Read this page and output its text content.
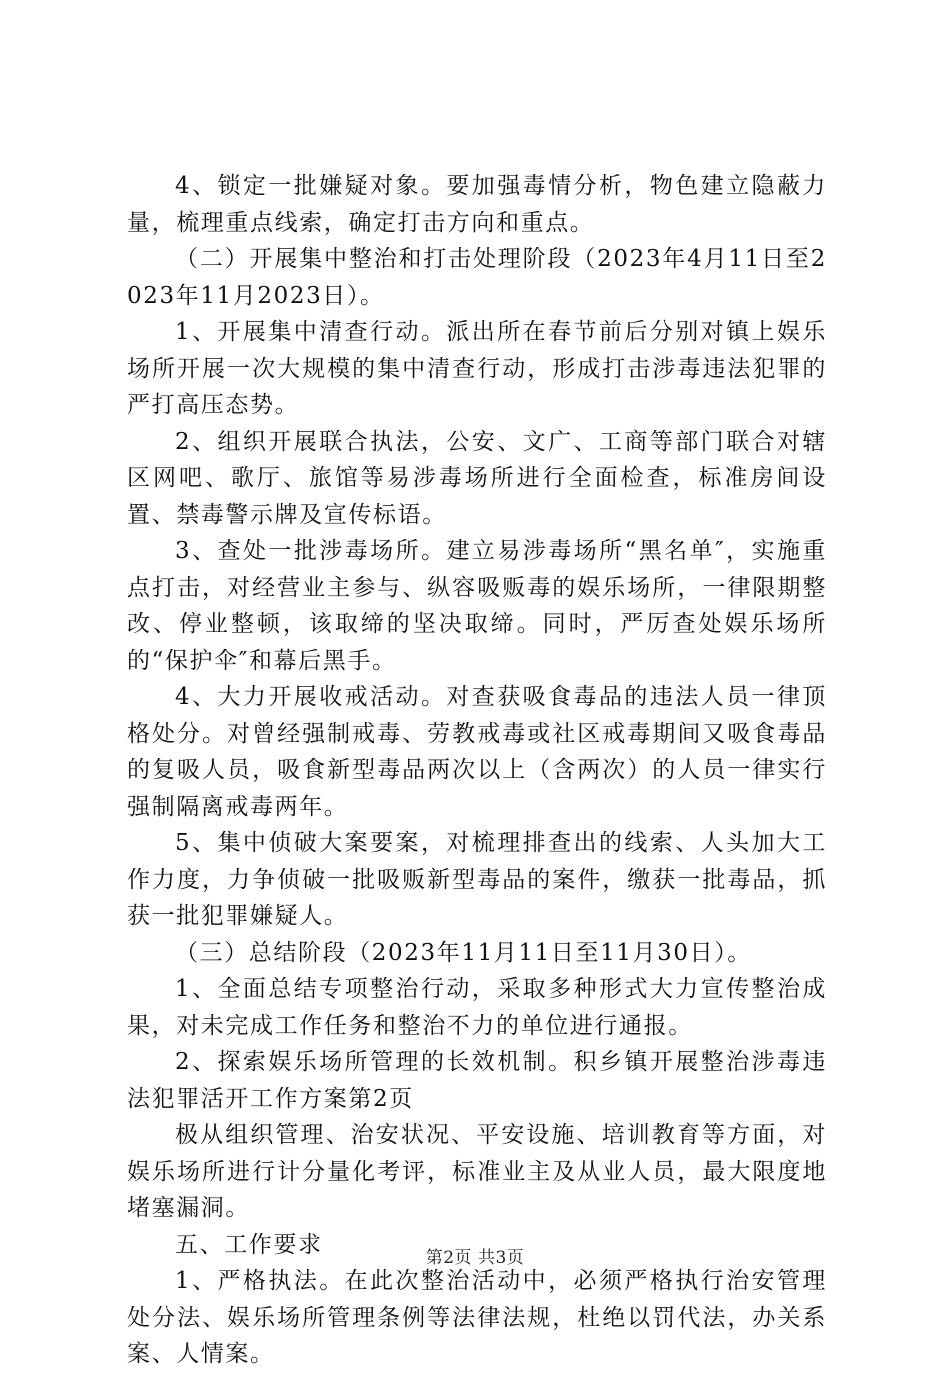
4、锁定一批嫌疑对象。要加强毒情分析，物色建立隐蔽力量，梳理重点线索，确定打击方向和重点。

（二）开展集中整治和打击处理阶段（2023年4月11日至2023年11月2023日）。

1、开展集中清查行动。派出所在春节前后分别对镇上娱乐场所开展一次大规模的集中清查行动，形成打击涉毒违法犯罪的严打高压态势。

2、组织开展联合执法，公安、文广、工商等部门联合对辖区网吧、歌厅、旅馆等易涉毒场所进行全面检查，标准房间设置、禁毒警示牌及宣传标语。

3、查处一批涉毒场所。建立易涉毒场所“黑名单″，实施重点打击，对经营业主参与、纵容吸贩毒的娱乐场所，一律限期整改、停业整顿，该取缔的坚决取缔。同时，严厉查处娱乐场所的“保护伞″和幕后黑手。

4、大力开展收戒活动。对查获吸食毒品的违法人员一律顶格处分。对曾经强制戒毒、劳教戒毒或社区戒毒期间又吸食毒品的复吸人员，吸食新型毒品两次以上（含两次）的人员一律实行强制隔离戒毒两年。

5、集中侦破大案要案，对梳理排查出的线索、人头加大工作力度，力争侦破一批吸贩新型毒品的案件，缴获一批毒品，抓获一批犯罪嫌疑人。

（三）总结阶段（2023年11月11日至11月30日）。

1、全面总结专项整治行动，采取多种形式大力宣传整治成果，对未完成工作任务和整治不力的单位进行通报。

2、探索娱乐场所管理的长效机制。积乡镇开展整治涉毒违法犯罪活开工作方案第2页

极从组织管理、治安状况、平安设施、培训教育等方面，对娱乐场所进行计分量化考评，标准业主及从业人员，最大限度地堵塞漏洞。

五、工作要求

1、严格执法。在此次整治活动中，必须严格执行治安管理处分法、娱乐场所管理条例等法律法规，杜绝以罚代法，办关系案、人情案。

第2页 共3页
